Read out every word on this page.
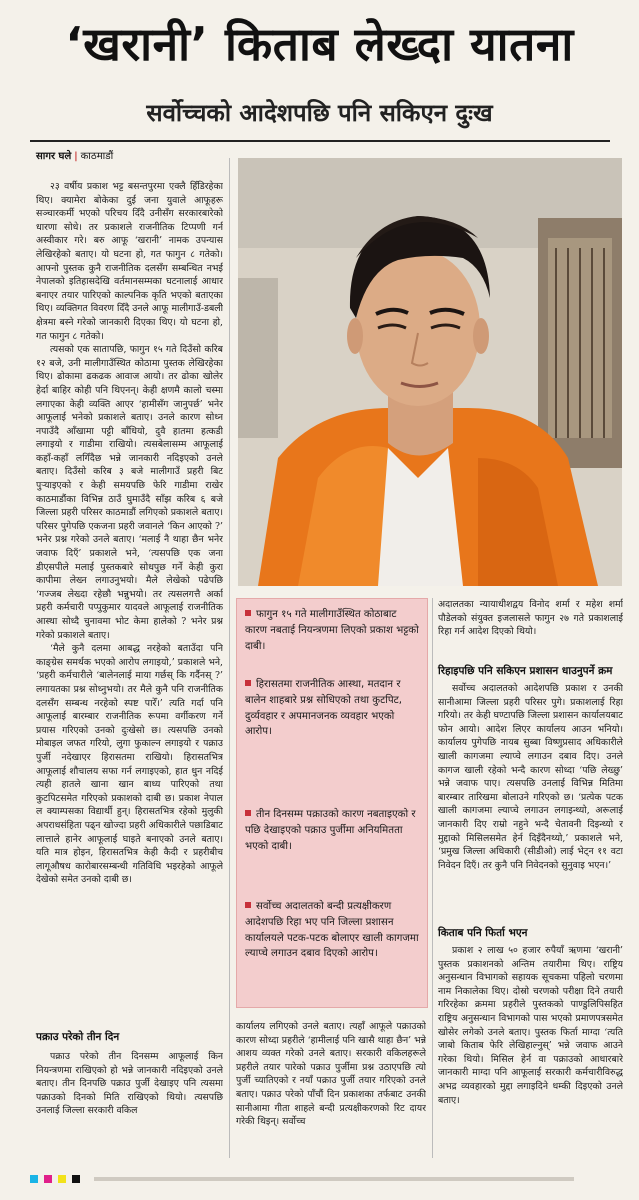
‘खरानी’ किताब लेख्दा यातना
सर्वोच्चको आदेशपछि पनि सकिएन दुःख
सागर घले | काठमाडौं

२३ वर्षीय प्रकाश भट्ट बसन्तपुरमा एक्लै हिँडिरहेका थिए। क्यामेरा बोकेका दुई जना युवाले आफूहरू सञ्चारकर्मी भएको परिचय दिँदै उनीसँग सरकारबारेको धारणा सोधे। तर प्रकाशले राजनीतिक टिप्पणी गर्न अस्वीकार गरे। बरु आफू ‘खरानी’ नामक उपन्यास लेखिरहेको बताए। यो घटना हो, गत फागुन ८ गतेको। आफ्नो पुस्तक कुनै राजनीतिक दलसँग सम्बन्धित नभई नेपालको इतिहासदेखि वर्तमानसम्मका घटनालाई आधार बनाएर तयार पारिएको काल्पनिक कृति भएको बताएका थिए। व्यक्तिगत विवरण दिँदै उनले आफू मालीगाउँ-डबलीे क्षेत्रमा बस्ने गरेको जानकारी दिएका थिए। यो घटना हो, गत फागुन ८ गतेको।

त्यसको एक सातापछि, फागुन १५ गते दिउँसो करिब १२ बजे, उनी मालीगाउँस्थित कोठामा पुस्तक लेखिरहेका थिए। ढोकामा ढकढक आवाज आयो। तर ढोका खोलेर हेर्दा बाहिर कोही पनि थिएनन्। केही क्षणमै कालो चस्मा लगाएका केही व्यक्ति आएर ‘हामीसँग जानुपर्छ’ भनेर आफूलाई भनेको प्रकाशले बताए। उनले कारण सोध्न नपाउँदै आँखामा पट्टी बाँधियो, दुवै हातमा हत्कडी लगाइयो र गाडीमा राखियो। त्यसबेलासम्म आफूलाई कहाँ-कहाँ लगिँदैछ भन्ने जानकारी नदिइएको उनले बताए। दिउँसो करिब ३ बजे मालीगाउँ प्रहरी बिट पुऱ्याइएको र केही समयपछि फेरि गाडीमा राखेर काठमाडौंका विभिन्न ठाउँ घुमाउँदै साँझ करिब ६ बजे जिल्ला प्रहरी परिसर काठमाडौं लगिएको प्रकाशले बताए। परिसर पुगेपछि एकजना प्रहरी जवानले ‘किन आएको ?’ भनेर प्रश्न गरेको उनले बताए। ‘मलाई नै थाहा छैन भनेर जवाफ दिएँ’ प्रकाशले भने, ‘त्यसपछि एक जना डीएसपीले मलाई पुस्तकबारे सोधपुछ गर्ने केही कुरा कापीमा लेख्न लगाउनुभयो। मैले लेखेको पढेपछि ‘गज्जब लेख्दा रहेछौ भन्नुभयो। तर त्यसलगत्तै अर्का प्रहरी कर्मचारी पप्पुकुमार यादवले आफूलाई राजनीतिक आस्था सोध्दै चुनावमा भोट केमा हालेको ? भनेर प्रश्न गरेको प्रकाशले बताए।

‘मैले कुनै दलमा आबद्ध नरहेको बताउँदा पनि काङ्ग्रेस समर्थक भएको आरोप लगाइयो,’ प्रकाशले भने, ‘प्रहरी कर्मचारीले ‘बालेनलाई माया गर्छस् कि गर्दैनस् ?’ लगायतका प्रश्न सोध्नुभयो। तर मैले कुनै पनि राजनीतिक दलसँग सम्बन्ध नरहेको स्पष्ट पारेँ।’ त्यति गर्दा पनि आफूलाई बारम्बार राजनीतिक रूपमा वर्गीकरण गर्ने प्रयास गरिएको उनको दुःखेसो छ। त्यसपछि उनको मोबाइल जफत गरियो, लुगा फुकाल्न लगाइयो र पक्राउ पुर्जी नदेखाएर हिरासतमा राखियो। हिरासतभित्र आफूलाई शौचालय सफा गर्न लगाइएको, हात धुन नदिई त्यही हातले खाना खान बाध्य पारिएको तथा कुटपिटसमेत गरिएको प्रकाशको दाबी छ। प्रकाश नेपाल ल क्याम्पसका विद्यार्थी हुन्। हिरासतभित्र रहेको मुलुकी अपराधसंहिता पढ्न खोज्दा प्रहरी अधिकारीले पछाडिबाट लात्ताले हानेर आफूलाई घाइते बनाएको उनले बताए। यति मात्र होइन, हिरासतभित्र केही कैदी र प्रहरीबीच लागूऔषध कारोबारसम्बन्धी गतिविधि भइरहेको आफूले देखेको समेत उनको दाबी छ।

पक्राउ परेको तीन दिन

पक्राउ परेको तीन दिनसम्म आफूलाई किन नियन्त्रणमा राखिएको हो भन्ने जानकारी नदिइएको उनले बताए। तीन दिनपछि पक्राउ पुर्जी देखाइए पनि त्यसमा पक्राउको दिनको मिति राखिएको थियो। त्यसपछि उनलाई जिल्ला सरकारी वकिल

फागुन १५ गते मालीगाउँस्थित कोठाबाट कारण नबताई नियन्त्रणमा लिएको प्रकाश भट्टको दाबी।
हिरासतमा राजनीतिक आस्था, मतदान र बालेन शाहबारे प्रश्न सोधिएको तथा कुटपिट, दुर्व्यवहार र अपमानजनक व्यवहार भएको आरोप।
तीन दिनसम्म पक्राउको कारण नबताइएको र पछि देखाइएको पक्राउ पुर्जीमा अनियमितता भएको दाबी।
सर्वोच्च अदालतको बन्दी प्रत्यक्षीकरण आदेशपछि रिहा भए पनि जिल्ला प्रशासन कार्यालयले पटक-पटक बोलाएर खाली कागजमा ल्याप्चे लगाउन दबाव दिएको आरोप।

कार्यालय लगिएको उनले बताए। त्यहाँ आफूले पक्राउको कारण सोध्दा प्रहरीले ‘हामीलाई पनि खासै थाहा छैन’ भन्ने आशय व्यक्त गरेको उनले बताए। सरकारी वकिलहरूले प्रहरीले तयार पारेको पक्राउ पुर्जीमा प्रश्न उठाएपछि त्यो पुर्जी च्यातिएको र नयाँ पक्राउ पुर्जी तयार गरिएको उनले बताए। पक्राउ परेको पाँचौं दिन प्रकाशका तर्फबाट उनकी सानीआमा गीता शाहले बन्दी प्रत्यक्षीकरणको रिट दायर गरेकी थिइन्। सर्वोच्च

अदालतका न्यायाधीशद्वय विनोद शर्मा र महेश शर्मा पौडेलको संयुक्त इजलासले फागुन २७ गते प्रकाशलाई रिहा गर्न आदेश दिएको थियो।

रिहाइपछि पनि सकिएन प्रशासन धाउनुपर्ने क्रम

सर्वोच्च अदालतको आदेशपछि प्रकाश र उनकी सानीआमा जिल्ला प्रहरी परिसर पुगे। प्रकाशलाई रिहा गरियो। तर केही घण्टापछि जिल्ला प्रशासन कार्यालयबाट फोन आयो। आदेश लिएर कार्यालय आउन भनियो। कार्यालय पुगेपछि नायब सुब्बा विष्णुप्रसाद अधिकारीले खाली कागजमा ल्याप्चे लगाउन दबाव दिए। उनले कागज खाली रहेको भन्दै कारण सोध्दा ‘पछि लेख्छु’ भन्ने जवाफ पाए। त्यसपछि उनलाई विभिन्न मितिमा बारम्बार तारिखमा बोलाउने गरिएको छ। ‘प्रत्येक पटक खाली कागजमा ल्याप्चे लगाउन लगाइन्थ्यो, अरूलाई जानकारी दिए राम्रो नहुने भन्दै चेतावनी दिइन्थ्यो र मुद्दाको मिसिलसमेत हेर्न दिइँदैनथ्यो,’ प्रकाशले भने, ‘प्रमुख जिल्ला अधिकारी (सीडीओ) लाई भेट्न ११ वटा निवेदन दिएँ। तर कुनै पनि निवेदनको सुनुवाइ भएन।’

किताब पनि फिर्ता भएन

प्रकाश २ लाख ५० हजार रुपैयाँ ऋणमा ‘खरानी’ पुस्तक प्रकाशनको अन्तिम तयारीमा थिए। राष्ट्रिय अनुसन्धान विभागको सहायक सूचकमा पहिलो चरणमा नाम निकालेका थिए। दोस्रो चरणको परीक्षा दिने तयारी गरिरहेका क्रममा प्रहरीले पुस्तकको पाण्डुलिपिसहित राष्ट्रिय अनुसन्धान विभागको पास भएको प्रमाणपत्रसमेत खोसेर लगेको उनले बताए। पुस्तक फिर्ता माग्दा ‘त्यति जाबो किताब फेरि लेखिहाल्नुस्’ भन्ने जवाफ आउने गरेका थियो। मिसिल हेर्न वा पक्राउको आधारबारे जानकारी माग्दा पनि आफूलाई सरकारी कर्मचारीविरुद्ध अभद्र व्यवहारको मुद्दा लगाइदिने धम्की दिइएको उनले बताए।
